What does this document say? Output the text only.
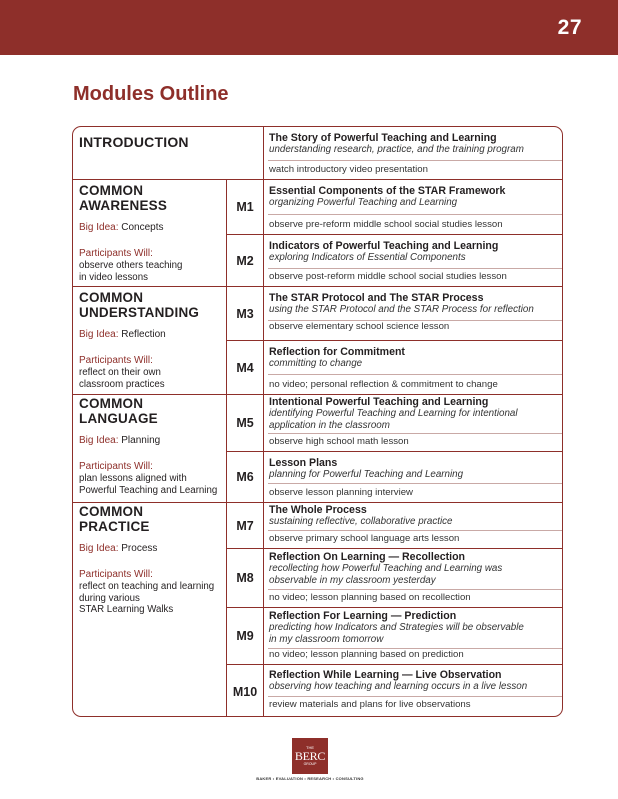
27
Modules Outline
INTRODUCTION	The Story of Powerful Teaching and Learning
understanding research, practice, and the training program
watch introductory video presentation
COMMON
AWARENESS
Big Idea: Concepts
Participants Will:
observe others teaching
in video lessons
M1
Essential Components of the STAR Framework
organizing Powerful Teaching and Learning
observe pre-reform middle school social studies lesson
M2
Indicators of Powerful Teaching and Learning
exploring Indicators of Essential Components
observe post-reform middle school social studies lesson
COMMON
UNDERSTANDING
Big Idea: Reflection
Participants Will:
reflect on their own
classroom practices
M3
The STAR Protocol and The STAR Process
using the STAR Protocol and the STAR Process for reflection
observe elementary school science lesson
M4
Reflection for Commitment
committing to change
no video; personal reflection & commitment to change
COMMON
LANGUAGE
Big Idea: Planning
Participants Will:
plan lessons aligned with
Powerful Teaching and Learning
M5
Intentional Powerful Teaching and Learning
identifying Powerful Teaching and Learning for intentional
application in the classroom
observe high school math lesson
M6
Lesson Plans
planning for Powerful Teaching and Learning
observe lesson planning interview
COMMON
PRACTICE
Big Idea: Process
Participants Will:
reflect on teaching and learning
during various
STAR Learning Walks
M7
The Whole Process
sustaining reflective, collaborative practice
observe primary school language arts lesson
M8
Reflection On Learning — Recollection
recollecting how Powerful Teaching and Learning was
observable in my classroom yesterday
no video; lesson planning based on recollection
M9
Reflection For Learning — Prediction
predicting how Indicators and Strategies will be observable
in my classroom tomorrow
no video; lesson planning based on prediction
M10
Reflection While Learning — Live Observation
observing how teaching and learning occurs in a live lesson
review materials and plans for live observations
THE
BERC
GROUP
BAKER • EVALUATION • RESEARCH • CONSULTING
